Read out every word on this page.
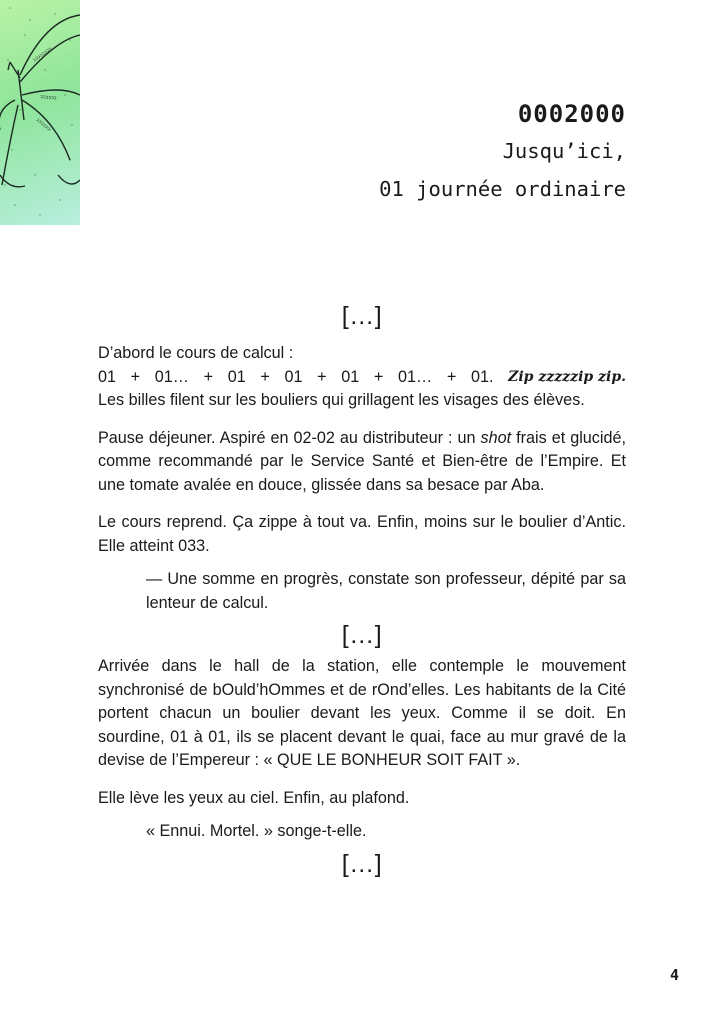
ɔɔɔɔɔɔɔɔ
ɔɔɔɔɔɔ
ɔɔɔɔɔɔ	0002000
Jusqu’ici,
01 journée ordinaire
[…]
D’abord le cours de calcul :
01 + 01… + 01 + 01 + 01 + 01… + 01. Zip zzzzzip zip.
Les billes filent sur les bouliers qui grillagent les visages des élèves.

Pause déjeuner. Aspiré en 02-02 au distributeur : un shot frais et glucidé, comme recommandé par le Service Santé et Bien-être de l’Empire. Et une tomate avalée en douce, glissée dans sa besace par Aba.

Le cours reprend. Ça zippe à tout va. Enfin, moins sur le boulier d’Antic. Elle atteint 033.

— Une somme en progrès, constate son professeur, dépité par sa lenteur de calcul.

[…]

Arrivée dans le hall de la station, elle contemple le mouvement synchronisé de bOuld’hOmmes et de rOnd’elles. Les habitants de la Cité portent chacun un boulier devant les yeux. Comme il se doit. En sourdine, 01 à 01, ils se placent devant le quai, face au mur gravé de la devise de l’Empereur : « QUE LE BONHEUR SOIT FAIT ».

Elle lève les yeux au ciel. Enfin, au plafond.

« Ennui. Mortel. » songe-t-elle.

[…]
4
